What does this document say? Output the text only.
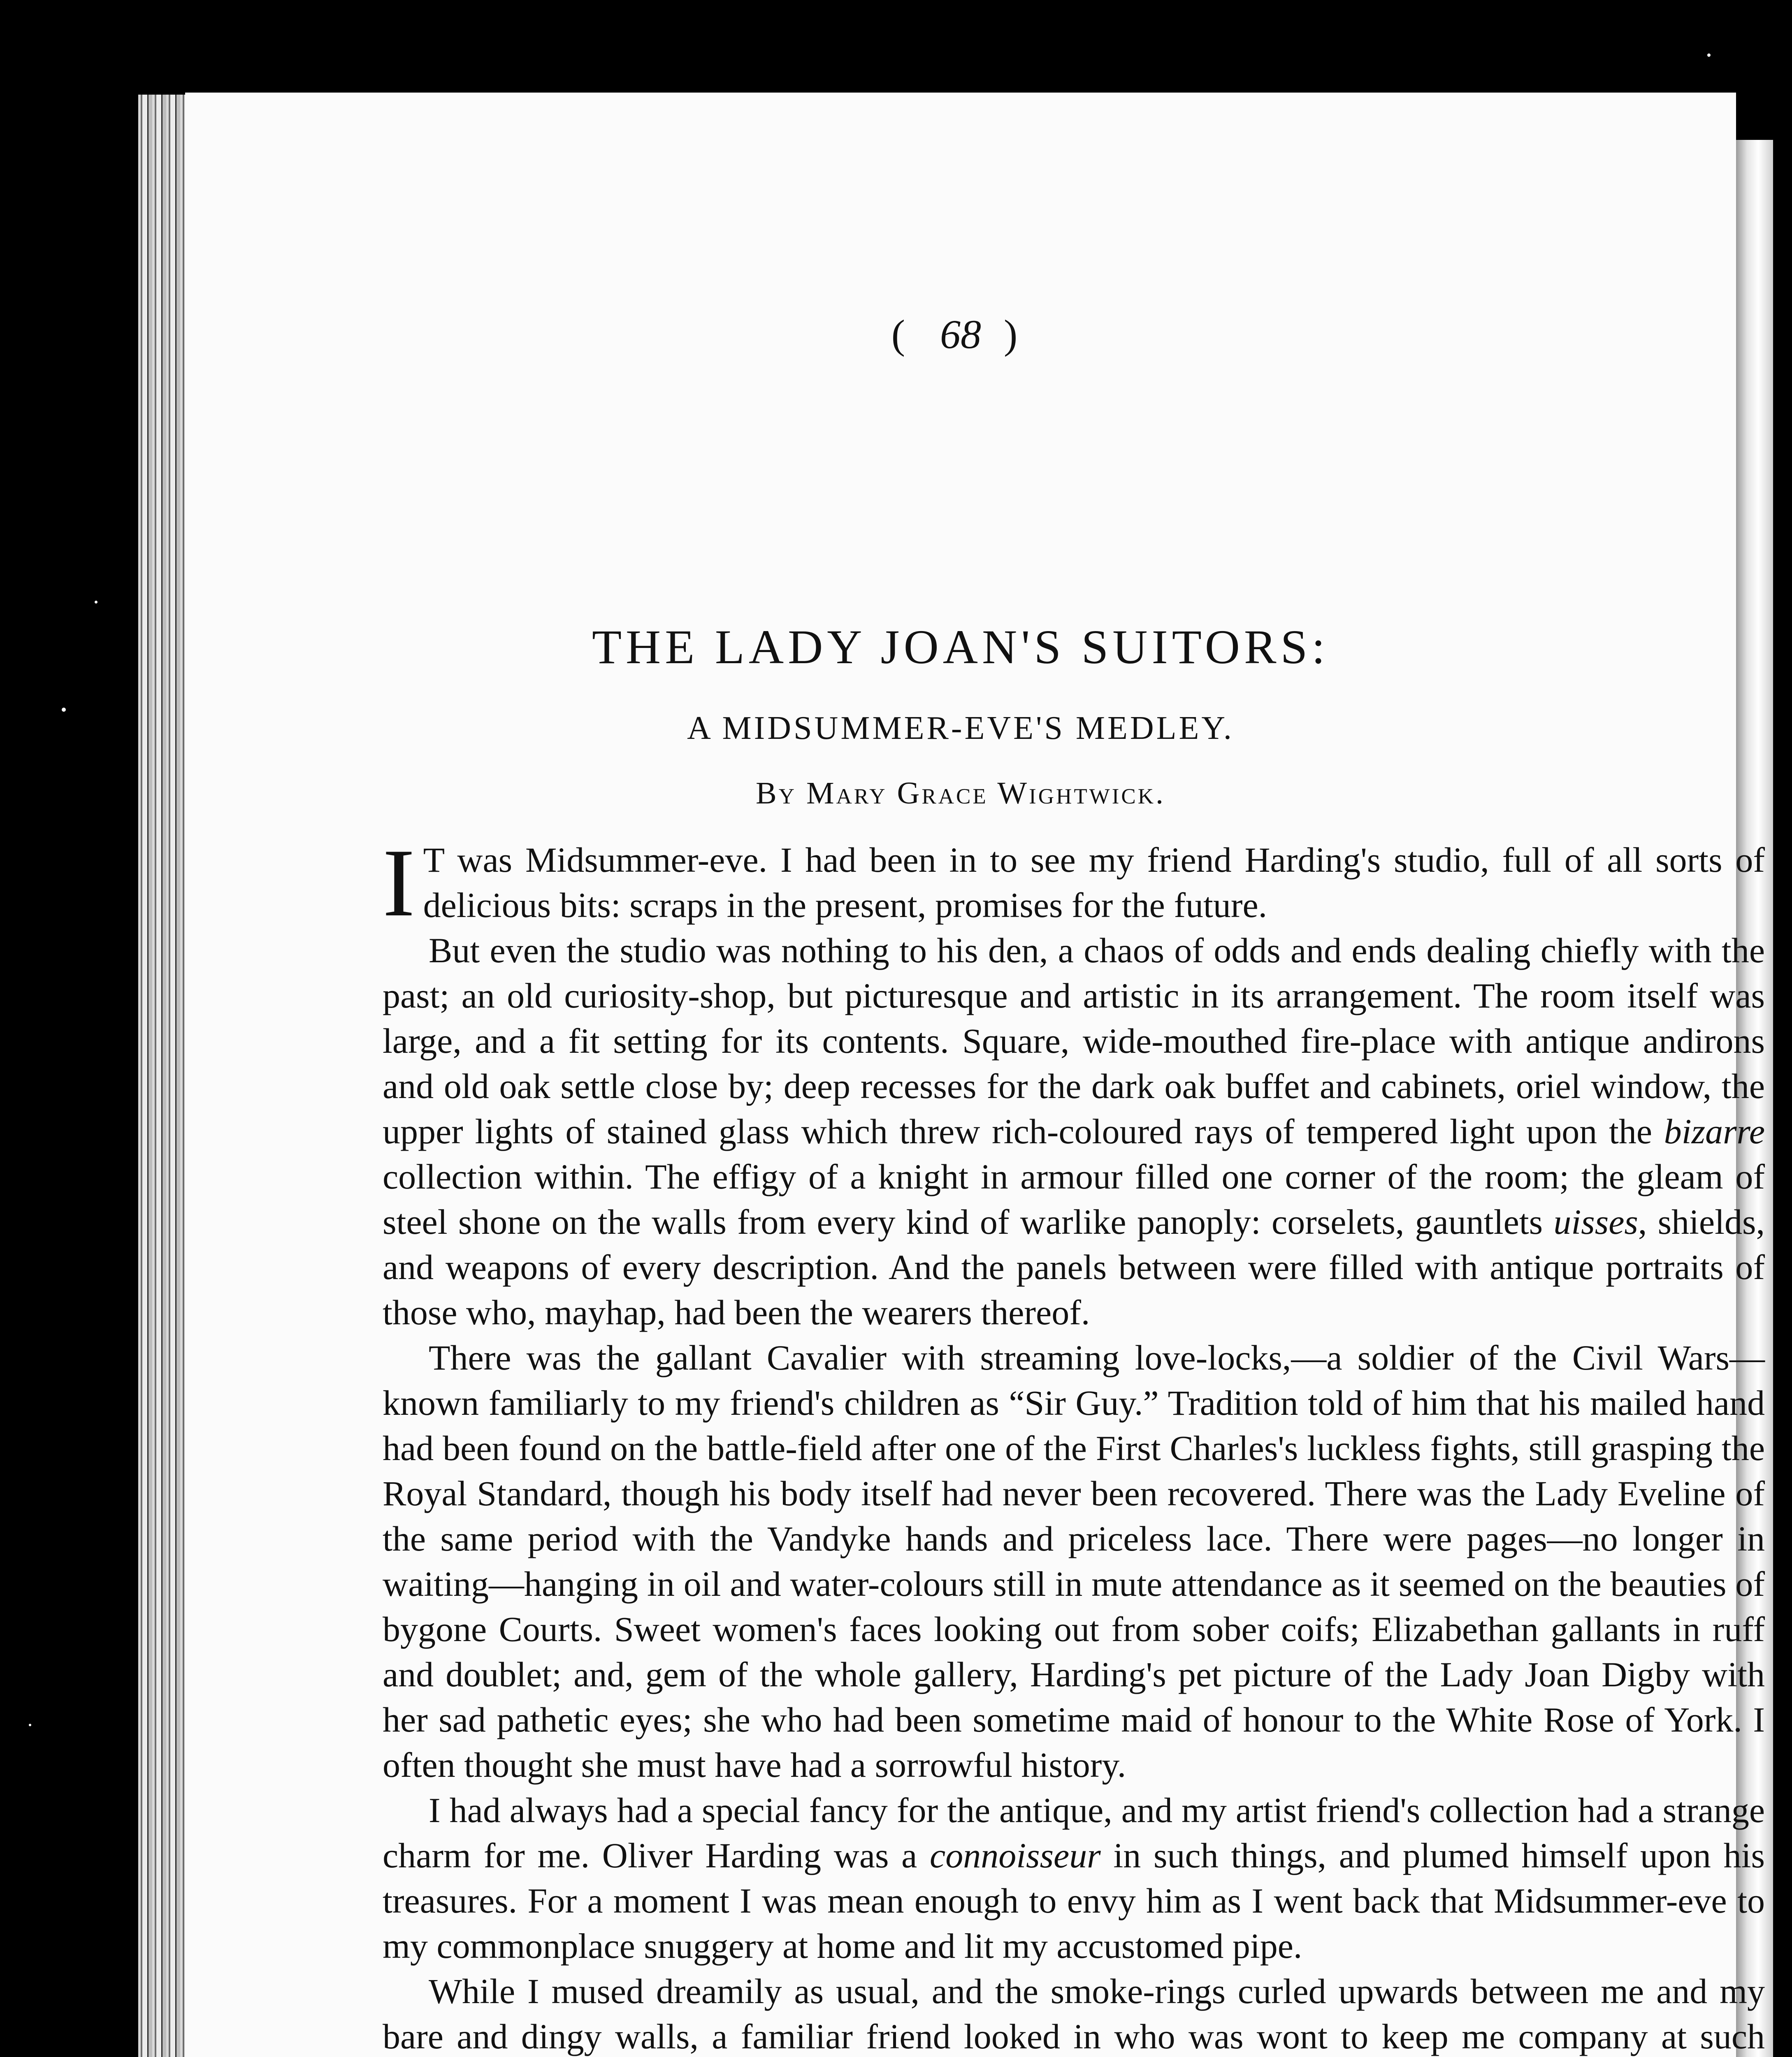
( 68 )
THE LADY JOAN'S SUITORS:
A MIDSUMMER-EVE'S MEDLEY.
By Mary Grace Wightwick.

I T was Midsummer-eve. I had been in to see my friend Harding's studio, full of all sorts of delicious bits: scraps in the present, promises for the future.

But even the studio was nothing to his den, a chaos of odds and ends dealing chiefly with the past; an old curiosity-shop, but picturesque and artistic in its arrangement. The room itself was large, and a fit setting for its contents. Square, wide-mouthed fire-place with antique andirons and old oak settle close by; deep recesses for the dark oak buffet and cabinets, oriel window, the upper lights of stained glass which threw rich-coloured rays of tempered light upon the bizarre collection within. The effigy of a knight in armour filled one corner of the room; the gleam of steel shone on the walls from every kind of warlike panoply: corselets, gauntlets uisses, shields, and weapons of every description. And the panels between were filled with antique portraits of those who, mayhap, had been the wearers thereof.

There was the gallant Cavalier with streaming love-locks,—a soldier of the Civil Wars—known familiarly to my friend's children as “Sir Guy.” Tradition told of him that his mailed hand had been found on the battle-field after one of the First Charles's luckless fights, still grasping the Royal Standard, though his body itself had never been recovered. There was the Lady Eveline of the same period with the Vandyke hands and priceless lace. There were pages—no longer in waiting—hanging in oil and water-colours still in mute attendance as it seemed on the beauties of bygone Courts. Sweet women's faces looking out from sober coifs; Elizabethan gallants in ruff and doublet; and, gem of the whole gallery, Harding's pet picture of the Lady Joan Digby with her sad pathetic eyes; she who had been sometime maid of honour to the White Rose of York. I often thought she must have had a sorrowful history.

I had always had a special fancy for the antique, and my artist friend's collection had a strange charm for me. Oliver Harding was a connoisseur in such things, and plumed himself upon his treasures. For a moment I was mean enough to envy him as I went back that Midsummer-eve to my commonplace snuggery at home and lit my accustomed pipe.

While I mused dreamily as usual, and the smoke-rings curled upwards between me and my bare and dingy walls, a familiar friend looked in who was wont to keep me company at such
